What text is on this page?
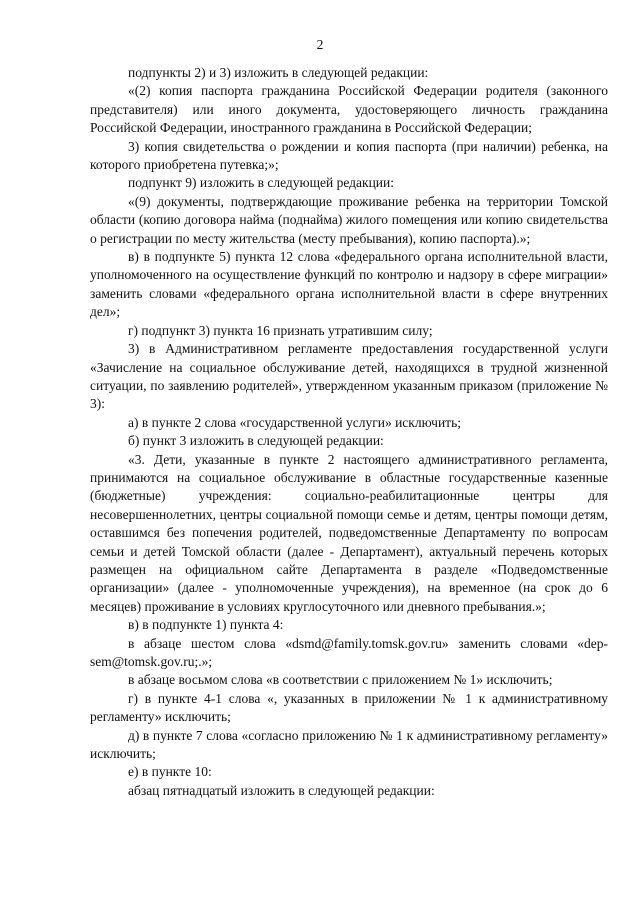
2

подпункты 2) и 3) изложить в следующей редакции:

«(2) копия паспорта гражданина Российской Федерации родителя (законного представителя) или иного документа, удостоверяющего личность гражданина Российской Федерации, иностранного гражданина в Российской Федерации;

3) копия свидетельства о рождении и копия паспорта (при наличии) ребенка, на которого приобретена путевка;»;

подпункт 9) изложить в следующей редакции:

«(9) документы, подтверждающие проживание ребенка на территории Томской области (копию договора найма (поднайма) жилого помещения или копию свидетельства о регистрации по месту жительства (месту пребывания), копию паспорта).»;

в) в подпункте 5) пункта 12 слова «федерального органа исполнительной власти, уполномоченного на осуществление функций по контролю и надзору в сфере миграции» заменить словами «федерального органа исполнительной власти в сфере внутренних дел»;

г) подпункт 3) пункта 16 признать утратившим силу;

3) в Административном регламенте предоставления государственной услуги «Зачисление на социальное обслуживание детей, находящихся в трудной жизненной ситуации, по заявлению родителей», утвержденном указанным приказом (приложение № 3):

а) в пункте 2 слова «государственной услуги» исключить;

б) пункт 3 изложить в следующей редакции:

«3. Дети, указанные в пункте 2 настоящего административного регламента, принимаются на социальное обслуживание в областные государственные казенные (бюджетные) учреждения: социально-реабилитационные центры для несовершеннолетних, центры социальной помощи семье и детям, центры помощи детям, оставшимся без попечения родителей, подведомственные Департаменту по вопросам семьи и детей Томской области (далее - Департамент), актуальный перечень которых размещен на официальном сайте Департамента в разделе «Подведомственные организации» (далее - уполномоченные учреждения), на временное (на срок до 6 месяцев) проживание в условиях круглосуточного или дневного пребывания.»;

в) в подпункте 1) пункта 4:

в абзаце шестом слова «dsmd@family.tomsk.gov.ru» заменить словами «dep-sem@tomsk.gov.ru;.»;

в абзаце восьмом слова «в соответствии с приложением № 1» исключить;

г) в пункте 4-1 слова «, указанных в приложении № 1 к административному регламенту» исключить;

д) в пункте 7 слова «согласно приложению № 1 к административному регламенту» исключить;

е) в пункте 10:

абзац пятнадцатый изложить в следующей редакции:
